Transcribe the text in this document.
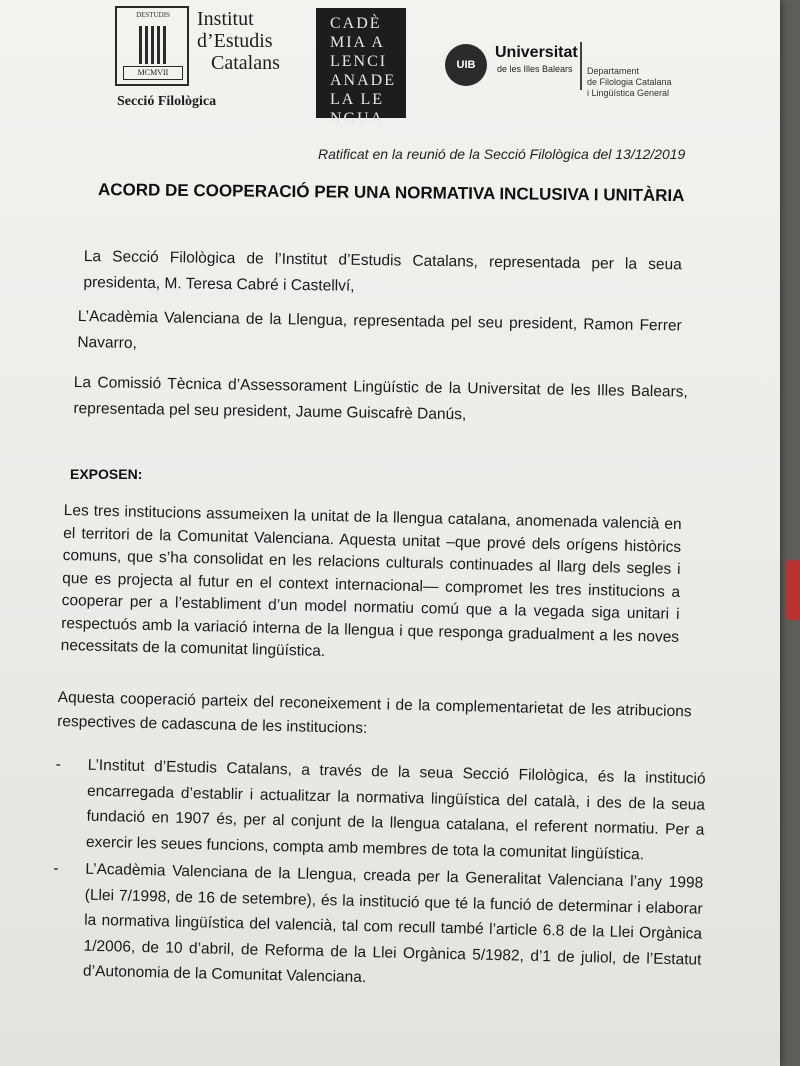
DESTUDIS
MCMVII
Institut
d’Estudis
Catalans
Secció Filològica
CADÈ
MIA A
LENCI
ANADE
LA LE
NGUA
UIB
Universitat
de les Illes Balears Departament
de Filologia Catalana
i Lingüística General
Ratificat en la reunió de la Secció Filològica del 13/12/2019
ACORD DE COOPERACIÓ PER UNA NORMATIVA INCLUSIVA I UNITÀRIA

La Secció Filològica de l’Institut d’Estudis Catalans, representada per la seua presidenta, M. Teresa Cabré i Castellví,

L’Acadèmia Valenciana de la Llengua, representada pel seu president, Ramon Ferrer Navarro,

La Comissió Tècnica d’Assessorament Lingüístic de la Universitat de les Illes Balears, representada pel seu president, Jaume Guiscafrè Danús,

EXPOSEN:

Les tres institucions assumeixen la unitat de la llengua catalana, anomenada valencià en el territori de la Comunitat Valenciana. Aquesta unitat –que prové dels orígens històrics comuns, que s’ha consolidat en les relacions culturals continuades al llarg dels segles i que es projecta al futur en el context internacional— compromet les tres institucions a cooperar per a l’establiment d’un model normatiu comú que a la vegada siga unitari i respectuós amb la variació interna de la llengua i que responga gradualment a les noves necessitats de la comunitat lingüística.

Aquesta cooperació parteix del reconeixement i de la complementarietat de les atribucions respectives de cadascuna de les institucions:

- L’Institut d’Estudis Catalans, a través de la seua Secció Filològica, és la institució encarregada d’establir i actualitzar la normativa lingüística del català, i des de la seua fundació en 1907 és, per al conjunt de la llengua catalana, el referent normatiu. Per a exercir les seues funcions, compta amb membres de tota la comunitat lingüística.
- L’Acadèmia Valenciana de la Llengua, creada per la Generalitat Valenciana l’any 1998 (Llei 7/1998, de 16 de setembre), és la institució que té la funció de determinar i elaborar la normativa lingüística del valencià, tal com recull també l’article 6.8 de la Llei Orgànica 1/2006, de 10 d’abril, de Reforma de la Llei Orgànica 5/1982, d’1 de juliol, de l’Estatut d’Autonomia de la Comunitat Valenciana.
